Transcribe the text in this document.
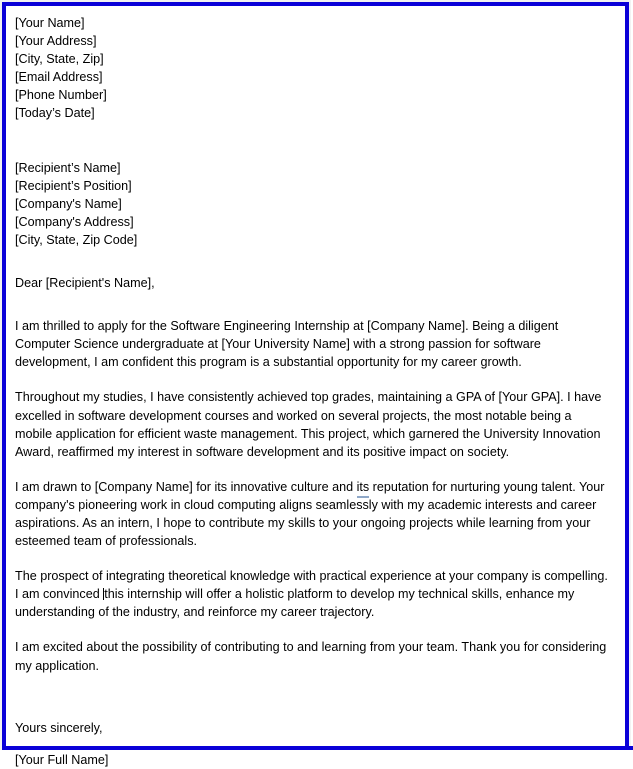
[Your Name]
[Your Address]
[City, State, Zip]
[Email Address]
[Phone Number]
[Today’s Date]
[Recipient’s Name]
[Recipient’s Position]
[Company's Name]
[Company's Address]
[City, State, Zip Code]
Dear [Recipient's Name],

I am thrilled to apply for the Software Engineering Internship at [Company Name]. Being a diligent Computer Science undergraduate at [Your University Name] with a strong passion for software development, I am confident this program is a substantial opportunity for my career growth.

Throughout my studies, I have consistently achieved top grades, maintaining a GPA of [Your GPA]. I have excelled in software development courses and worked on several projects, the most notable being a mobile application for efficient waste management. This project, which garnered the University Innovation Award, reaffirmed my interest in software development and its positive impact on society.

I am drawn to [Company Name] for its innovative culture and its reputation for nurturing young talent. Your company's pioneering work in cloud computing aligns seamlessly with my academic interests and career aspirations. As an intern, I hope to contribute my skills to your ongoing projects while learning from your esteemed team of professionals.

The prospect of integrating theoretical knowledge with practical experience at your company is compelling. I am convinced this internship will offer a holistic platform to develop my technical skills, enhance my understanding of the industry, and reinforce my career trajectory.

I am excited about the possibility of contributing to and learning from your team. Thank you for considering my application.

Yours sincerely,
[Your Full Name]
